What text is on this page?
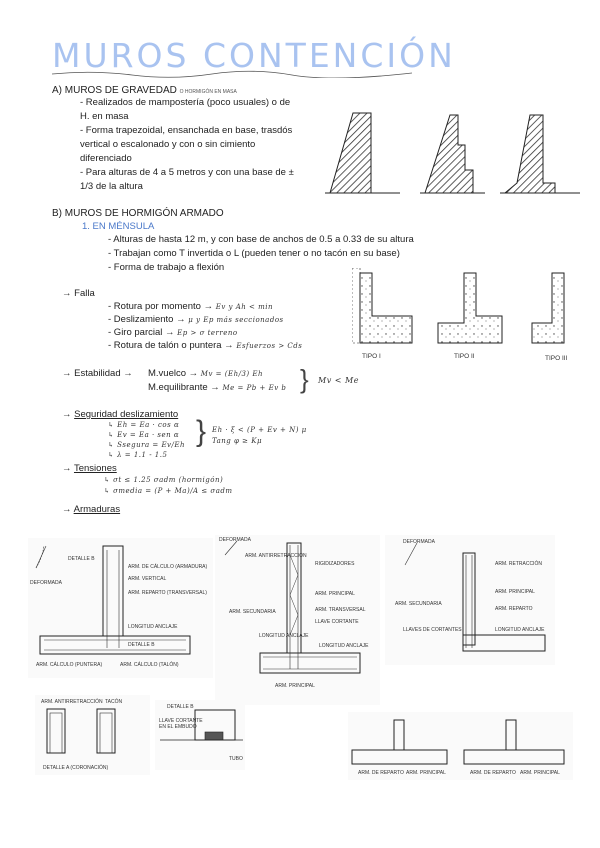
MUROS CONTENCIÓN
A) MUROS DE GRAVEDAD O HORMIGÓN EN MASA
- Realizados de mampostería (poco usuales) o de
H. en masa
- Forma trapezoidal, ensanchada en base, trasdós
vertical o escalonado y con o sin cimiento
diferenciado
- Para alturas de 4 a 5 metros y con una base de ±
1/3 de la altura
B) MUROS DE HORMIGÓN ARMADO
1. EN MÉNSULA
- Alturas de hasta 12 m, y con base de anchos de 0.5 a 0.33 de su altura
- Trabajan como T invertida o L (pueden tener o no tacón en su base)
- Forma de trabajo a flexión
TIPO I	TIPO II	TIPO III
→ Falla
- Rotura por momento → Ev y Ah < min
- Deslizamiento → μ y Ep más seccionados
- Giro parcial → Ep > σ terreno
- Rotura de talón o puntera → Esfuerzos > Cds
→ Estabilidad → M.vuelco → Mv = (Eh/3) Eh
M.equilibrante → Me = Pb + Ev b } Mv < Me
→ Seguridad deslizamiento
↳ Eh = Ea · cos α
↳ Ev = Ea · sen α
↳ Ssegura = Ev/Eh
↳ λ = 1.1 - 1.5
} Eh · ξ < (P + Ev + N) μ
Tang φ ≥ Kμ
→ Tensiones
↳ σt ≤ 1.25 σadm (hormigón)
↳ σmedia = (P + Ma)/A ≤ σadm
→ Armaduras
DETALLE B
ARM. DE CÁLCULO (ARMADURA)
ARM. VERTICAL
ARM. REPARTO (TRANSVERSAL)
LONGITUD ANCLAJE
DETALLE B
DEFORMADA
ARM. CÁLCULO (PUNTERA)	ARM. CÁLCULO (TALÓN)
DEFORMADA
ARM. ANTIRRETRACCIÓN
RIGIDIZADORES
ARM. PRINCIPAL
ARM. TRANSVERSAL
ARM. SECUNDARIA
LLAVE CORTANTE
LONGITUD ANCLAJE
LONGITUD ANCLAJE
ARM. PRINCIPAL
DEFORMADA
ARM. RETRACCIÓN
ARM. PRINCIPAL
ARM. SECUNDARIA
ARM. REPARTO
LLAVES DE CORTANTES	LONGITUD ANCLAJE
ARM. ANTIRRETRACCIÓN TACÓN
DETALLE A (CORONACIÓN)
DETALLE B
LLAVE CORTANTE
EN EL EMBUDO
TUBO
ARM. DE REPARTO ARM. PRINCIPAL	ARM. DE REPARTO ARM. PRINCIPAL
